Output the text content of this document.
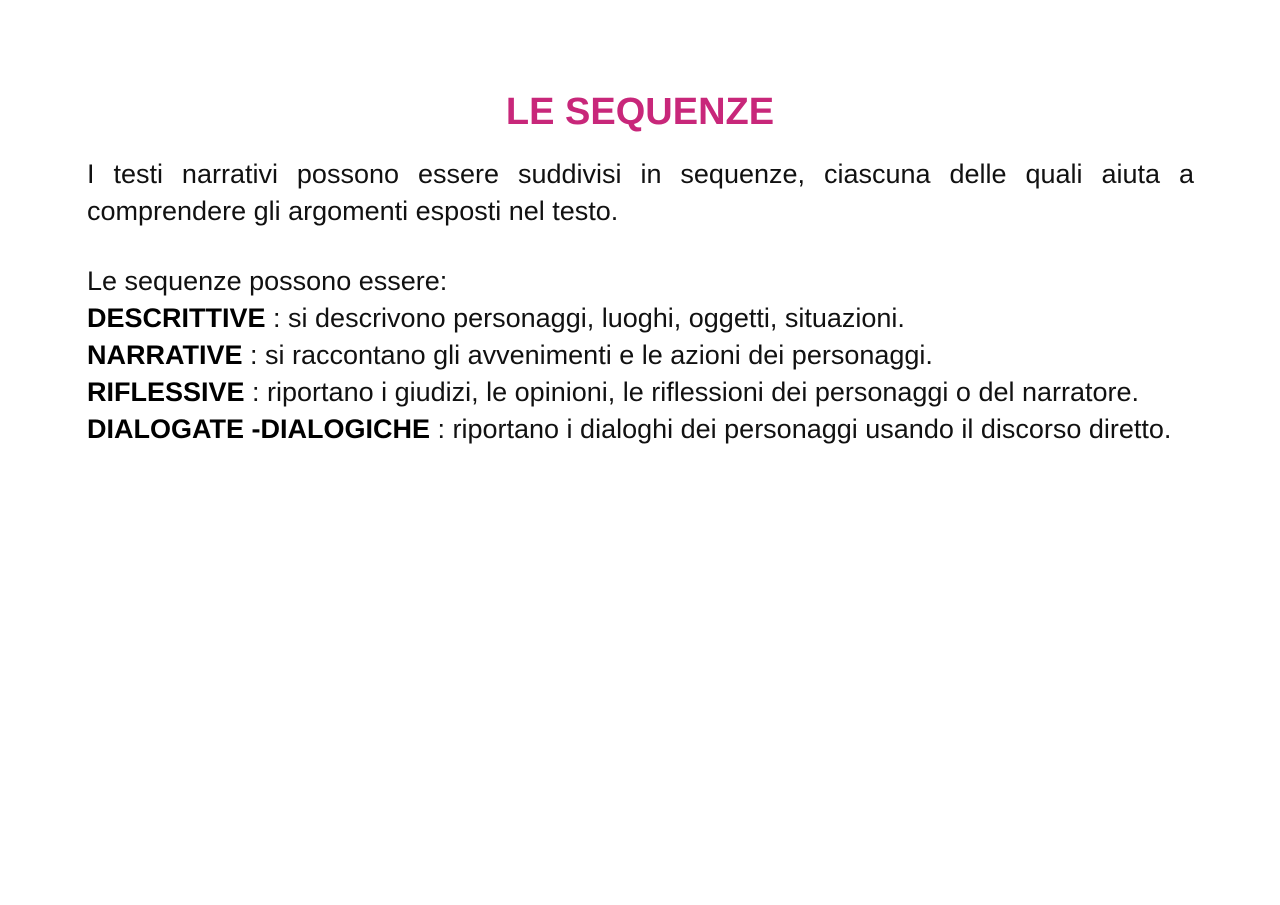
LE SEQUENZE

I testi narrativi possono essere suddivisi in sequenze, ciascuna delle quali aiuta a comprendere gli argomenti esposti nel testo.

Le sequenze possono essere:

DESCRITTIVE : si descrivono personaggi, luoghi, oggetti, situazioni.

NARRATIVE : si raccontano gli avvenimenti e le azioni dei personaggi.

RIFLESSIVE : riportano i giudizi, le opinioni, le riflessioni dei personaggi o del narratore.

DIALOGATE -DIALOGICHE : riportano i dialoghi dei personaggi usando il discorso diretto.
